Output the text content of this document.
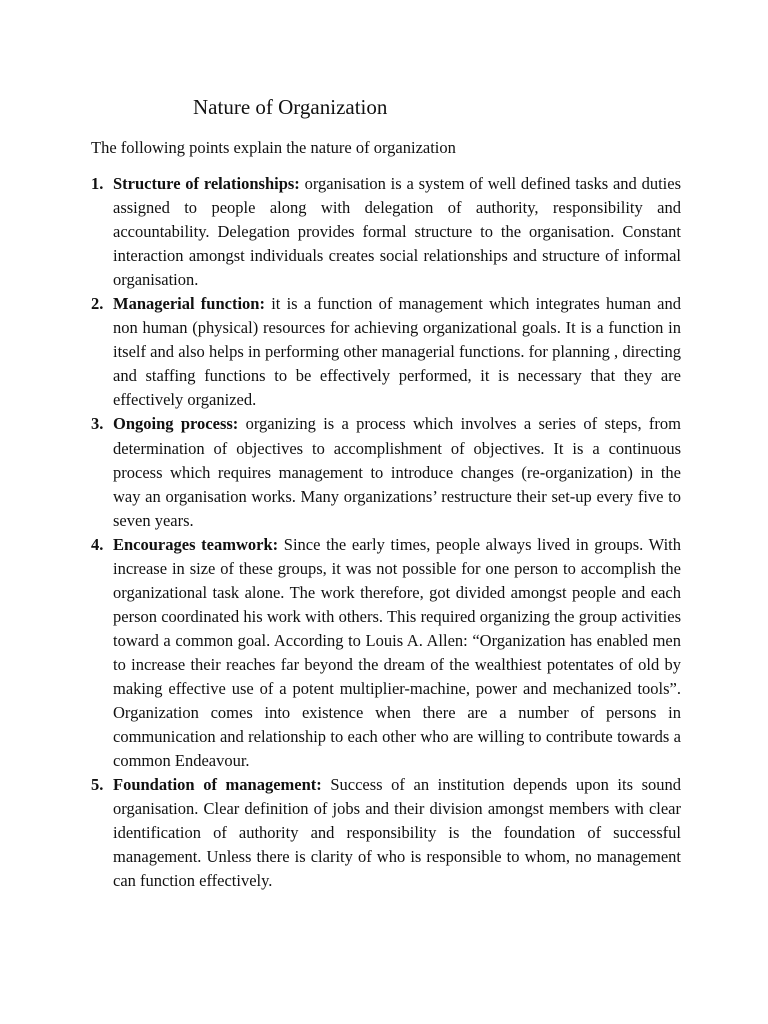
Nature of Organization

The following points explain the nature of organization

1. Structure of relationships: organisation is a system of well defined tasks and duties assigned to people along with delegation of authority, responsibility and accountability. Delegation provides formal structure to the organisation. Constant interaction amongst individuals creates social relationships and structure of informal organisation.
2. Managerial function: it is a function of management which integrates human and non human (physical) resources for achieving organizational goals. It is a function in itself and also helps in performing other managerial functions. for planning , directing and staffing functions to be effectively performed, it is necessary that they are effectively organized.
3. Ongoing process: organizing is a process which involves a series of steps, from determination of objectives to accomplishment of objectives. It is a continuous process which requires management to introduce changes (re-organization) in the way an organisation works. Many organizations’ restructure their set-up every five to seven years.
4. Encourages teamwork: Since the early times, people always lived in groups. With increase in size of these groups, it was not possible for one person to accomplish the organizational task alone. The work therefore, got divided amongst people and each person coordinated his work with others. This required organizing the group activities toward a common goal. According to Louis A. Allen: “Organization has enabled men to increase their reaches far beyond the dream of the wealthiest potentates of old by making effective use of a potent multiplier-machine, power and mechanized tools”. Organization comes into existence when there are a number of persons in communication and relationship to each other who are willing to contribute towards a common Endeavour.
5. Foundation of management: Success of an institution depends upon its sound organisation. Clear definition of jobs and their division amongst members with clear identification of authority and responsibility is the foundation of successful management. Unless there is clarity of who is responsible to whom, no management can function effectively.
